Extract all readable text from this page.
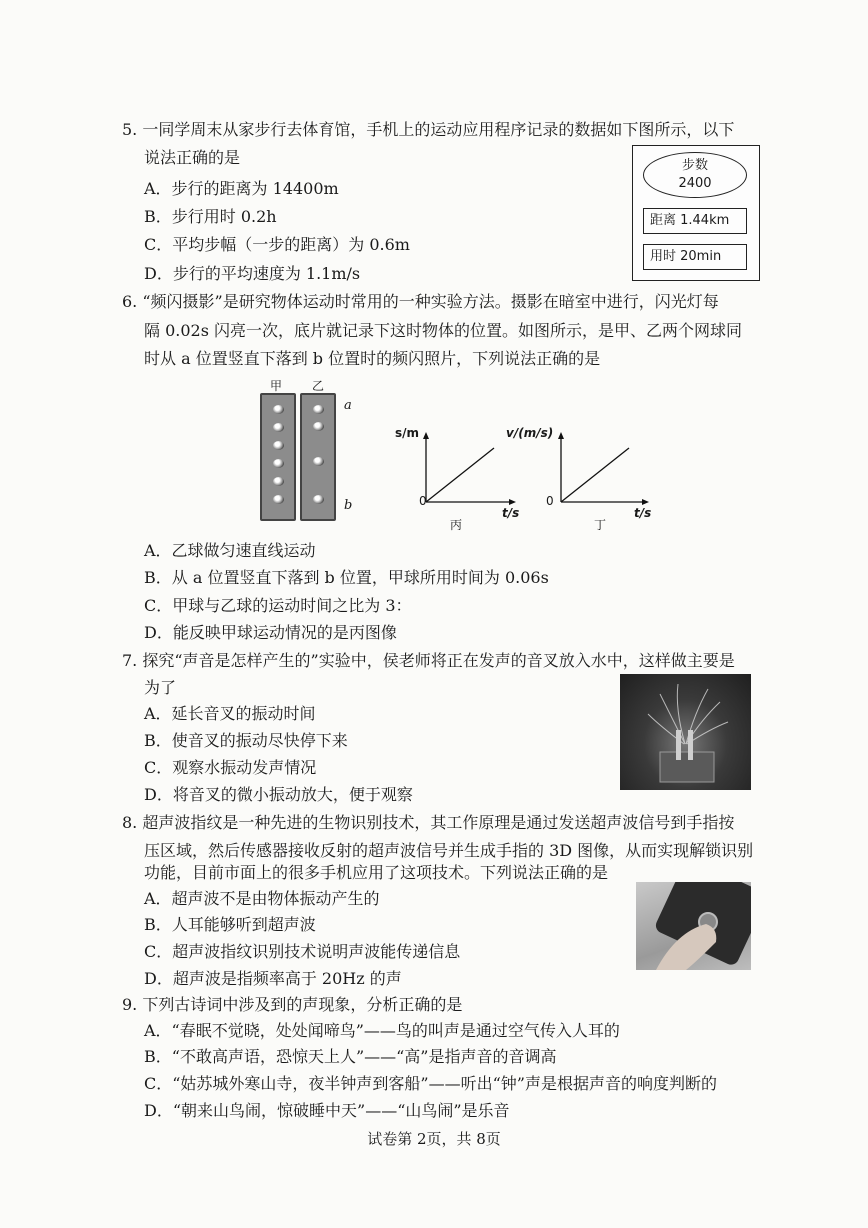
5. 一同学周末从家步行去体育馆，手机上的运动应用程序记录的数据如下图所示，以下
说法正确的是
A．步行的距离为 14400m
B．步行用时 0.2h
C．平均步幅（一步的距离）为 0.6m
D．步行的平均速度为 1.1m/s
步数
2400
距离 1.44km
用时 20min
6. “频闪摄影”是研究物体运动时常用的一种实验方法。摄影在暗室中进行，闪光灯每
隔 0.02s 闪亮一次，底片就记录下这时物体的位置。如图所示，是甲、乙两个网球同
时从 a 位置竖直下落到 b 位置时的频闪照片，下列说法正确的是
甲 乙
a
b
s/m
0
t/s
丙
v/(m/s)
0
t/s
丁
A．乙球做匀速直线运动
B．从 a 位置竖直下落到 b 位置，甲球所用时间为 0.06s
C．甲球与乙球的运动时间之比为 3：
D．能反映甲球运动情况的是丙图像
7. 探究“声音是怎样产生的”实验中，侯老师将正在发声的音叉放入水中，这样做主要是
为了
A．延长音叉的振动时间
B．使音叉的振动尽快停下来
C．观察水振动发声情况
D．将音叉的微小振动放大，便于观察
8. 超声波指纹是一种先进的生物识别技术，其工作原理是通过发送超声波信号到手指按
压区域，然后传感器接收反射的超声波信号并生成手指的 3D 图像，从而实现解锁识别
功能，目前市面上的很多手机应用了这项技术。下列说法正确的是
A．超声波不是由物体振动产生的
B．人耳能够听到超声波
C．超声波指纹识别技术说明声波能传递信息
D．超声波是指频率高于 20Hz 的声
9. 下列古诗词中涉及到的声现象，分析正确的是
A．“春眠不觉晓，处处闻啼鸟”——鸟的叫声是通过空气传入人耳的
B．“不敢高声语，恐惊天上人”——“高”是指声音的音调高
C．“姑苏城外寒山寺，夜半钟声到客船”——听出“钟”声是根据声音的响度判断的
D．“朝来山鸟闹，惊破睡中天”——“山鸟闹”是乐音
试卷第 2页，共 8页
